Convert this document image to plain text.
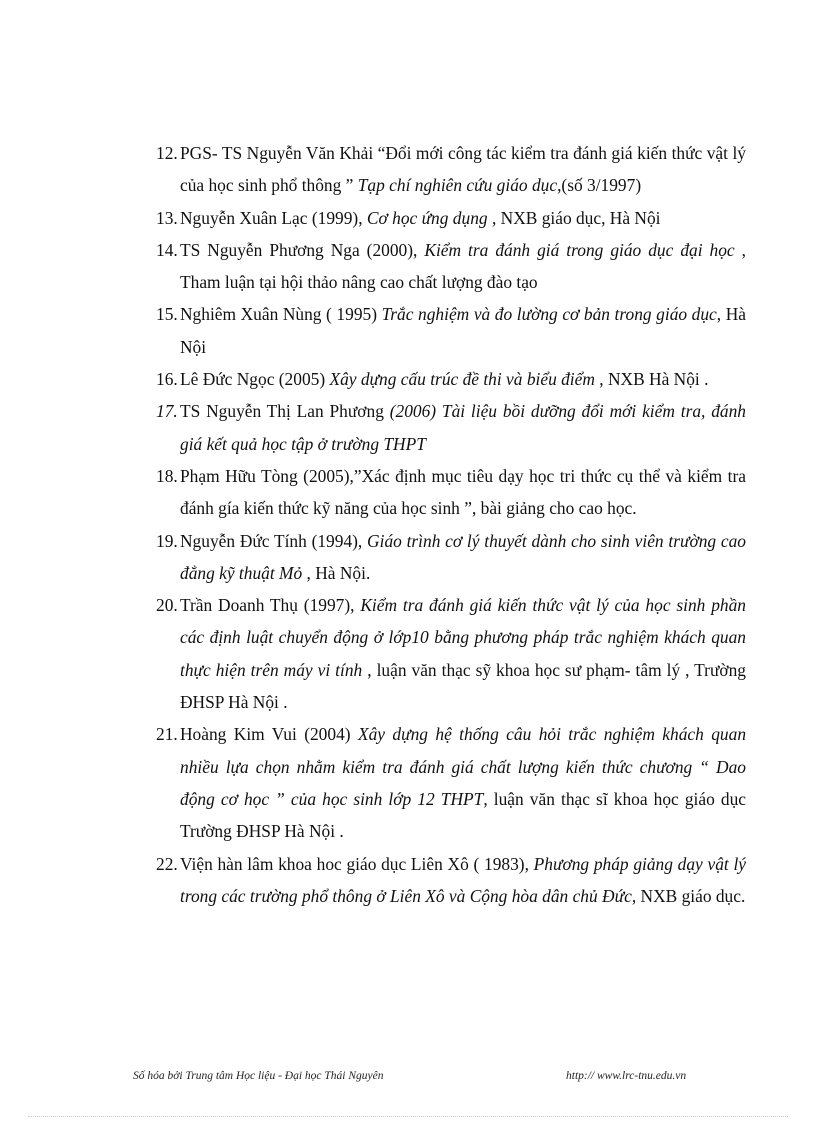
12. PGS- TS Nguyễn Văn Khải “Đổi mới công tác kiểm tra đánh giá kiến thức vật lý của học sinh phổ thông ” Tạp chí nghiên cứu giáo dục,(số 3/1997)
13. Nguyễn Xuân Lạc (1999), Cơ học ứng dụng , NXB giáo dục, Hà Nội
14. TS Nguyễn Phương Nga (2000), Kiểm tra đánh giá trong giáo dục đại học , Tham luận tại hội thảo nâng cao chất lượng đào tạo
15. Nghiêm Xuân Nùng ( 1995) Trắc nghiệm và đo lường cơ bản trong giáo dục, Hà Nội
16. Lê Đức Ngọc (2005) Xây dựng cấu trúc đề thi và biểu điểm , NXB Hà Nội .
17. TS Nguyễn Thị Lan Phương (2006) Tài liệu bồi dưỡng đổi mới kiểm tra, đánh giá kết quả học tập ở trường THPT
18. Phạm Hữu Tòng (2005),”Xác định mục tiêu dạy học tri thức cụ thể và kiểm tra đánh gía kiến thức kỹ năng của học sinh ”, bài giảng cho cao học.
19. Nguyễn Đức Tính (1994), Giáo trình cơ lý thuyết dành cho sinh viên trường cao đẳng kỹ thuật Mỏ , Hà Nội.
20. Trần Doanh Thụ (1997), Kiểm tra đánh giá kiến thức vật lý của học sinh phần các định luật chuyển động ở lớp10 bằng phương pháp trắc nghiệm khách quan thực hiện trên máy vi tính , luận văn thạc sỹ khoa học sư phạm- tâm lý , Trường ĐHSP Hà Nội .
21. Hoàng Kim Vui (2004) Xây dựng hệ thống câu hỏi trắc nghiệm khách quan nhiều lựa chọn nhằm kiểm tra đánh giá chất lượng kiến thức chương “ Dao động cơ học ” của học sinh lớp 12 THPT, luận văn thạc sĩ khoa học giáo dục Trường ĐHSP Hà Nội .
22. Viện hàn lâm khoa hoc giáo dục Liên Xô ( 1983), Phương pháp giảng dạy vật lý trong các trường phổ thông ở Liên Xô và Cộng hòa dân chủ Đức, NXB giáo dục.
Số hóa bởi Trung tâm Học liệu - Đại học Thái Nguyên	http:// www.lrc-tnu.edu.vn
